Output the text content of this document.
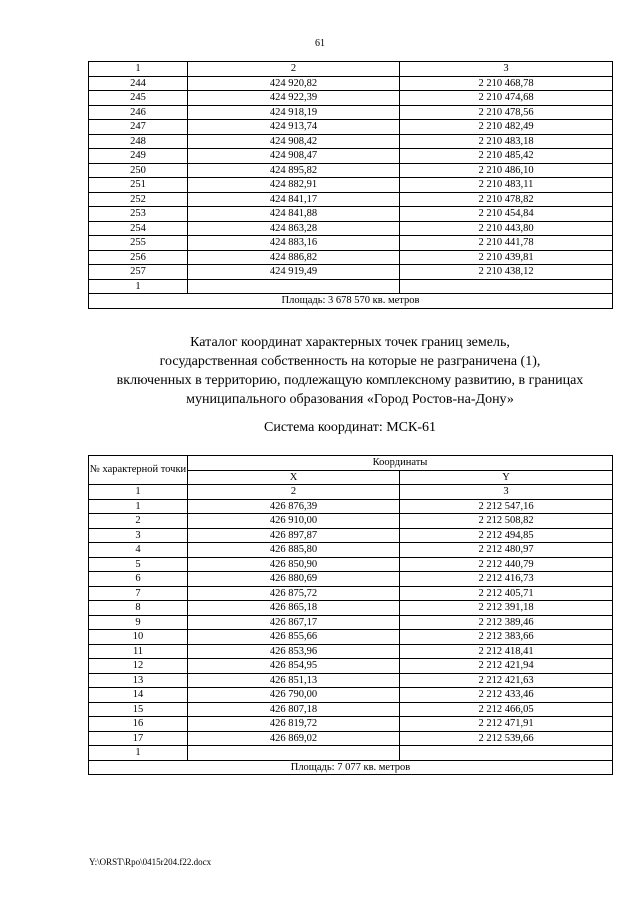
61
1	2	3
244	424 920,82	2 210 468,78
245	424 922,39	2 210 474,68
246	424 918,19	2 210 478,56
247	424 913,74	2 210 482,49
248	424 908,42	2 210 483,18
249	424 908,47	2 210 485,42
250	424 895,82	2 210 486,10
251	424 882,91	2 210 483,11
252	424 841,17	2 210 478,82
253	424 841,88	2 210 454,84
254	424 863,28	2 210 443,80
255	424 883,16	2 210 441,78
256	424 886,82	2 210 439,81
257	424 919,49	2 210 438,12
1		
Площадь: 3 678 570 кв. метров		
Каталог координат характерных точек границ земель,
государственная собственность на которые не разграничена (1),
включенных в территорию, подлежащую комплексному развитию, в границах
муниципального образования «Город Ростов-на-Дону»
Система координат: МСК-61
№ характерной точки	Координаты	
	X	Y
1	2	3
1	426 876,39	2 212 547,16
2	426 910,00	2 212 508,82
3	426 897,87	2 212 494,85
4	426 885,80	2 212 480,97
5	426 850,90	2 212 440,79
6	426 880,69	2 212 416,73
7	426 875,72	2 212 405,71
8	426 865,18	2 212 391,18
9	426 867,17	2 212 389,46
10	426 855,66	2 212 383,66
11	426 853,96	2 212 418,41
12	426 854,95	2 212 421,94
13	426 851,13	2 212 421,63
14	426 790,00	2 212 433,46
15	426 807,18	2 212 466,05
16	426 819,72	2 212 471,91
17	426 869,02	2 212 539,66
1		
Площадь: 7 077 кв. метров		
Y:\ORST\Rpo\0415r204.f22.docx
